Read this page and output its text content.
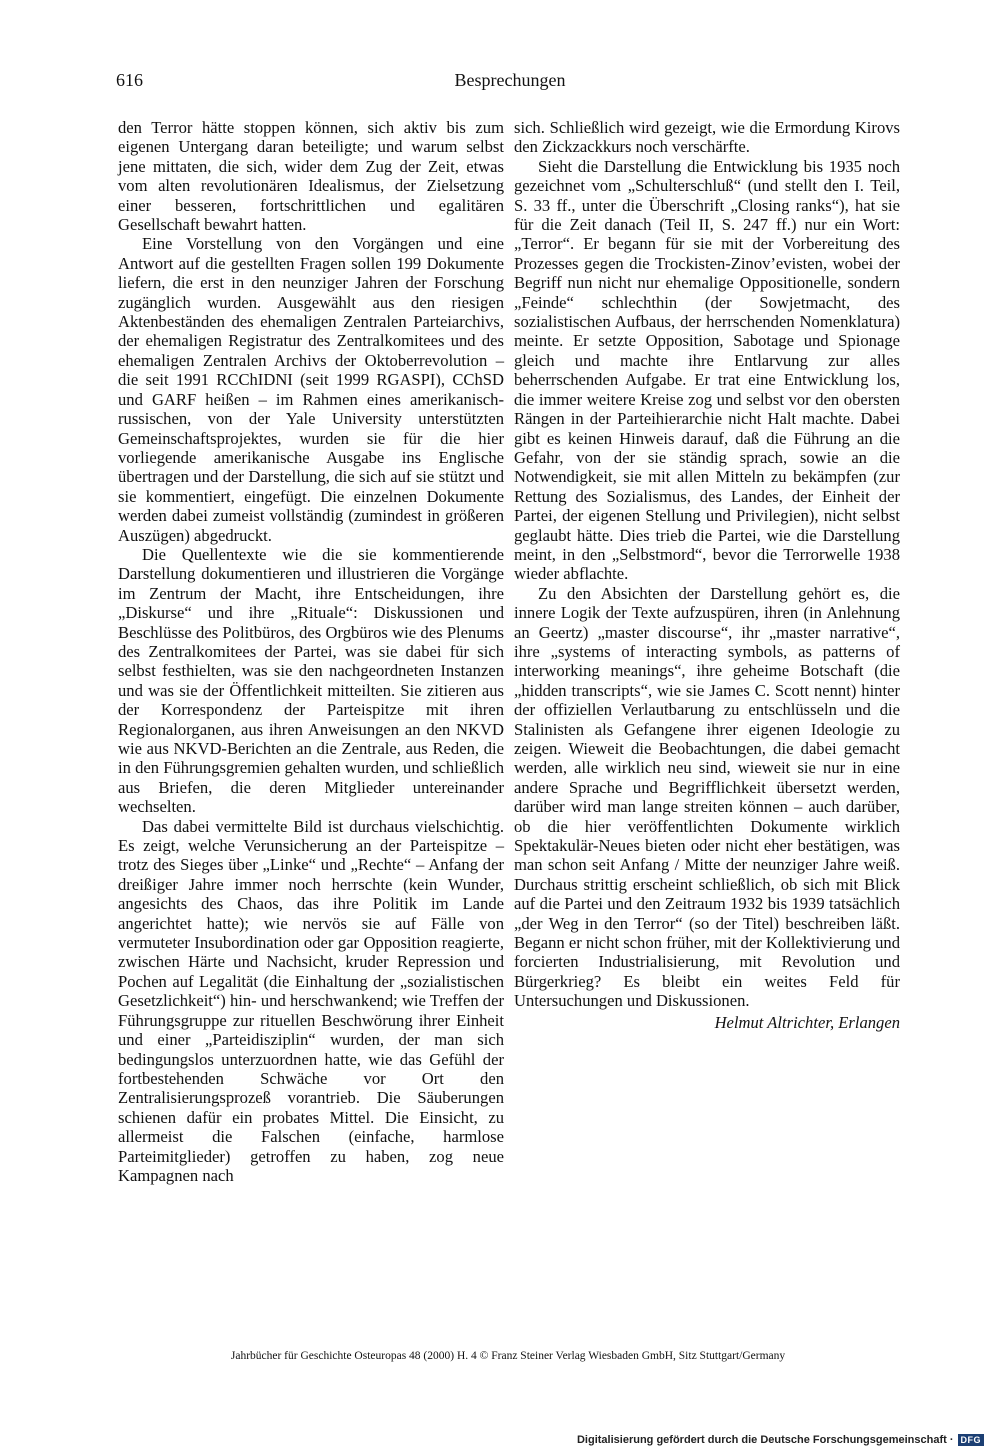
616	Besprechungen

den Terror hätte stoppen können, sich aktiv bis zum eigenen Untergang daran beteiligte; und warum selbst jene mittaten, die sich, wider dem Zug der Zeit, etwas vom alten revolutionären Idealismus, der Zielsetzung einer besseren, fortschrittlichen und egalitären Gesellschaft bewahrt hatten.

Eine Vorstellung von den Vorgängen und eine Antwort auf die gestellten Fragen sollen 199 Dokumente liefern, die erst in den neunziger Jahren der Forschung zugänglich wurden. Ausgewählt aus den riesigen Aktenbeständen des ehemaligen Zentralen Parteiarchivs, der ehemaligen Registratur des Zentralkomitees und des ehemaligen Zentralen Archivs der Oktoberrevolution – die seit 1991 RCChIDNI (seit 1999 RGASPI), CChSD und GARF heißen – im Rahmen eines amerikanisch-russischen, von der Yale University unterstützten Gemeinschaftsprojektes, wurden sie für die hier vorliegende amerikanische Ausgabe ins Englische übertragen und der Darstellung, die sich auf sie stützt und sie kommentiert, eingefügt. Die einzelnen Dokumente werden dabei zumeist vollständig (zumindest in größeren Auszügen) abgedruckt.

Die Quellentexte wie die sie kommentierende Darstellung dokumentieren und illustrieren die Vorgänge im Zentrum der Macht, ihre Entscheidungen, ihre „Diskurse“ und ihre „Rituale“: Diskussionen und Beschlüsse des Politbüros, des Orgbüros wie des Plenums des Zentralkomitees der Partei, was sie dabei für sich selbst festhielten, was sie den nachgeordneten Instanzen und was sie der Öffentlichkeit mitteilten. Sie zitieren aus der Korrespondenz der Parteispitze mit ihren Regionalorganen, aus ihren Anweisungen an den NKVD wie aus NKVD-Berichten an die Zentrale, aus Reden, die in den Führungsgremien gehalten wurden, und schließlich aus Briefen, die deren Mitglieder untereinander wechselten.

Das dabei vermittelte Bild ist durchaus vielschichtig. Es zeigt, welche Verunsicherung an der Parteispitze – trotz des Sieges über „Linke“ und „Rechte“ – Anfang der dreißiger Jahre immer noch herrschte (kein Wunder, angesichts des Chaos, das ihre Politik im Lande angerichtet hatte); wie nervös sie auf Fälle von vermuteter Insubordination oder gar Opposition reagierte, zwischen Härte und Nachsicht, kruder Repression und Pochen auf Legalität (die Einhaltung der „sozialistischen Gesetzlichkeit“) hin- und herschwankend; wie Treffen der Führungsgruppe zur rituellen Beschwörung ihrer Einheit und einer „Parteidisziplin“ wurden, der man sich bedingungslos unterzuordnen hatte, wie das Gefühl der fortbestehenden Schwäche vor Ort den Zentralisierungsprozeß vorantrieb. Die Säuberungen schienen dafür ein probates Mittel. Die Einsicht, zu allermeist die Falschen (einfache, harmlose Parteimitglieder) getroffen zu haben, zog neue Kampagnen nach

sich. Schließlich wird gezeigt, wie die Ermordung Kirovs den Zickzackkurs noch verschärfte.

Sieht die Darstellung die Entwicklung bis 1935 noch gezeichnet vom „Schulterschluß“ (und stellt den I. Teil, S. 33 ff., unter die Überschrift „Closing ranks“), hat sie für die Zeit danach (Teil II, S. 247 ff.) nur ein Wort: „Terror“. Er begann für sie mit der Vorbereitung des Prozesses gegen die Trockisten-Zinov’evisten, wobei der Begriff nun nicht nur ehemalige Oppositionelle, sondern „Feinde“ schlechthin (der Sowjetmacht, des sozialistischen Aufbaus, der herrschenden Nomenklatura) meinte. Er setzte Opposition, Sabotage und Spionage gleich und machte ihre Entlarvung zur alles beherrschenden Aufgabe. Er trat eine Entwicklung los, die immer weitere Kreise zog und selbst vor den obersten Rängen in der Parteihierarchie nicht Halt machte. Dabei gibt es keinen Hinweis darauf, daß die Führung an die Gefahr, von der sie ständig sprach, sowie an die Notwendigkeit, sie mit allen Mitteln zu bekämpfen (zur Rettung des Sozialismus, des Landes, der Einheit der Partei, der eigenen Stellung und Privilegien), nicht selbst geglaubt hätte. Dies trieb die Partei, wie die Darstellung meint, in den „Selbstmord“, bevor die Terrorwelle 1938 wieder abflachte.

Zu den Absichten der Darstellung gehört es, die innere Logik der Texte aufzuspüren, ihren (in Anlehnung an Geertz) „master discourse“, ihr „master narrative“, ihre „systems of interacting symbols, as patterns of interworking meanings“, ihre geheime Botschaft (die „hidden transcripts“, wie sie James C. Scott nennt) hinter der offiziellen Verlautbarung zu entschlüsseln und die Stalinisten als Gefangene ihrer eigenen Ideologie zu zeigen. Wieweit die Beobachtungen, die dabei gemacht werden, alle wirklich neu sind, wieweit sie nur in eine andere Sprache und Begrifflichkeit übersetzt werden, darüber wird man lange streiten können – auch darüber, ob die hier veröffentlichten Dokumente wirklich Spektakulär-Neues bieten oder nicht eher bestätigen, was man schon seit Anfang / Mitte der neunziger Jahre weiß. Durchaus strittig erscheint schließlich, ob sich mit Blick auf die Partei und den Zeitraum 1932 bis 1939 tatsächlich „der Weg in den Terror“ (so der Titel) beschreiben läßt. Begann er nicht schon früher, mit der Kollektivierung und forcierten Industrialisierung, mit Revolution und Bürgerkrieg? Es bleibt ein weites Feld für Untersuchungen und Diskussionen.

Helmut Altrichter, Erlangen
Jahrbücher für Geschichte Osteuropas 48 (2000) H. 4 © Franz Steiner Verlag Wiesbaden GmbH, Sitz Stuttgart/Germany
Digitalisierung gefördert durch die Deutsche Forschungsgemeinschaft · DFG
